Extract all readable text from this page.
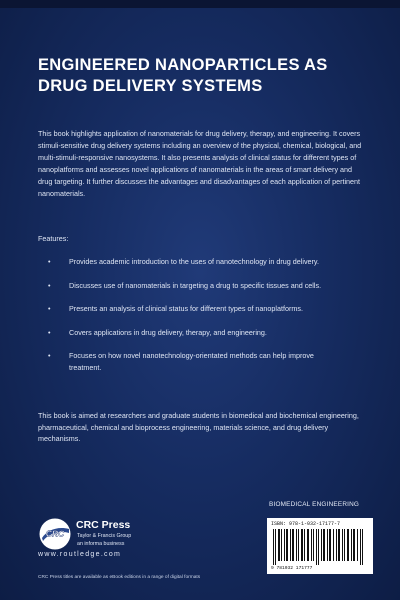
ENGINEERED NANOPARTICLES AS DRUG DELIVERY SYSTEMS

This book highlights application of nanomaterials for drug delivery, therapy, and engineering. It covers stimuli-sensitive drug delivery systems including an overview of the physical, chemical, biological, and multi-stimuli-responsive nanosystems. It also presents analysis of clinical status for different types of nanoplatforms and assesses novel applications of nanomaterials in the areas of smart delivery and drug targeting. It further discusses the advantages and disadvantages of each application of pertinent nanomaterials.

Features:

•	Provides academic introduction to the uses of nanotechnology in drug delivery.
•	Discusses use of nanomaterials in targeting a drug to specific tissues and cells.
•	Presents an analysis of clinical status for different types of nanoplatforms.
•	Covers applications in drug delivery, therapy, and engineering.
•	Focuses on how novel nanotechnology-orientated methods can help improve treatment.

This book is aimed at researchers and graduate students in biomedical and biochemical engineering, pharmaceutical, chemical and bioprocess engineering, materials science, and drug delivery mechanisms.

CRC
CRC Press
Taylor & Francis Group
an informa business
www.routledge.com
BIOMEDICAL ENGINEERING
ISBN: 978-1-032-17177-7
9 781032 171777
CRC Press titles are available as eBook editions in a range of digital formats
